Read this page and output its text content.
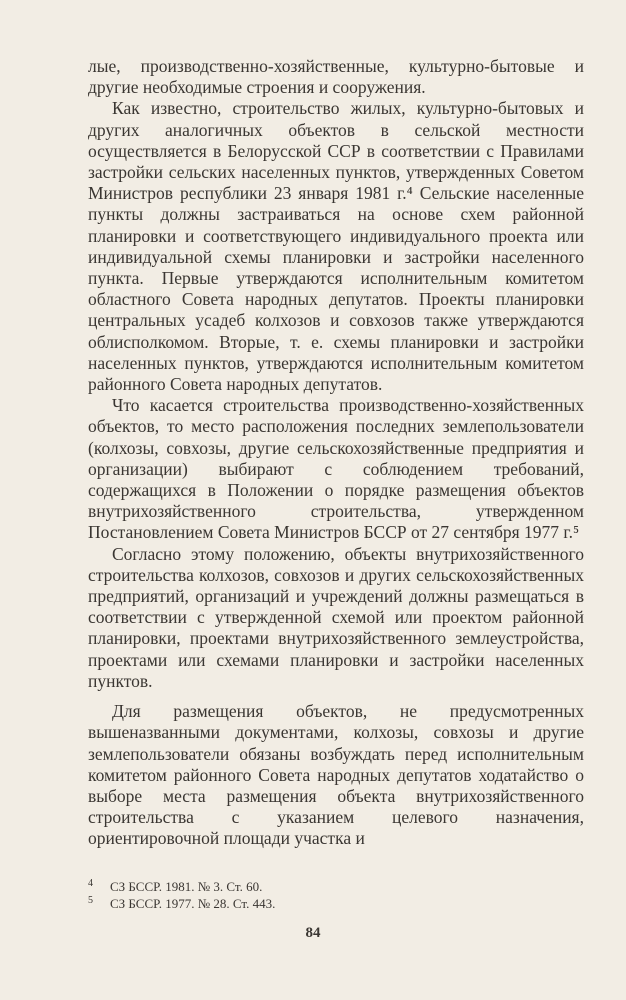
лые, производственно-хозяйственные, культурно-бытовые и другие необходимые строения и сооружения.

Как известно, строительство жилых, культурно-бытовых и других аналогичных объектов в сельской местности осуществляется в Белорусской ССР в соответствии с Правилами застройки сельских населенных пунктов, утвержденных Советом Министров республики 23 января 1981 г.⁴ Сельские населенные пункты должны застраиваться на основе схем районной планировки и соответствующего индивидуального проекта или индивидуальной схемы планировки и застройки населенного пункта. Первые утверждаются исполнительным комитетом областного Совета народных депутатов. Проекты планировки центральных усадеб колхозов и совхозов также утверждаются облисполкомом. Вторые, т. е. схемы планировки и застройки населенных пунктов, утверждаются исполнительным комитетом районного Совета народных депутатов.

Что касается строительства производственно-хозяйственных объектов, то место расположения последних землепользователи (колхозы, совхозы, другие сельскохозяйственные предприятия и организации) выбирают с соблюдением требований, содержащихся в Положении о порядке размещения объектов внутрихозяйственного строительства, утвержденном Постановлением Совета Министров БССР от 27 сентября 1977 г.⁵

Согласно этому положению, объекты внутрихозяйственного строительства колхозов, совхозов и других сельскохозяйственных предприятий, организаций и учреждений должны размещаться в соответствии с утвержденной схемой или проектом районной планировки, проектами внутрихозяйственного землеустройства, проектами или схемами планировки и застройки населенных пунктов.

Для размещения объектов, не предусмотренных вышеназванными документами, колхозы, совхозы и другие землепользователи обязаны возбуждать перед исполнительным комитетом районного Совета народных депутатов ходатайство о выборе места размещения объекта внутрихозяйственного строительства с указанием целевого назначения, ориентировочной площади участка и

4 СЗ БССР. 1981. № 3. Ст. 60.
5 СЗ БССР. 1977. № 28. Ст. 443.
84
